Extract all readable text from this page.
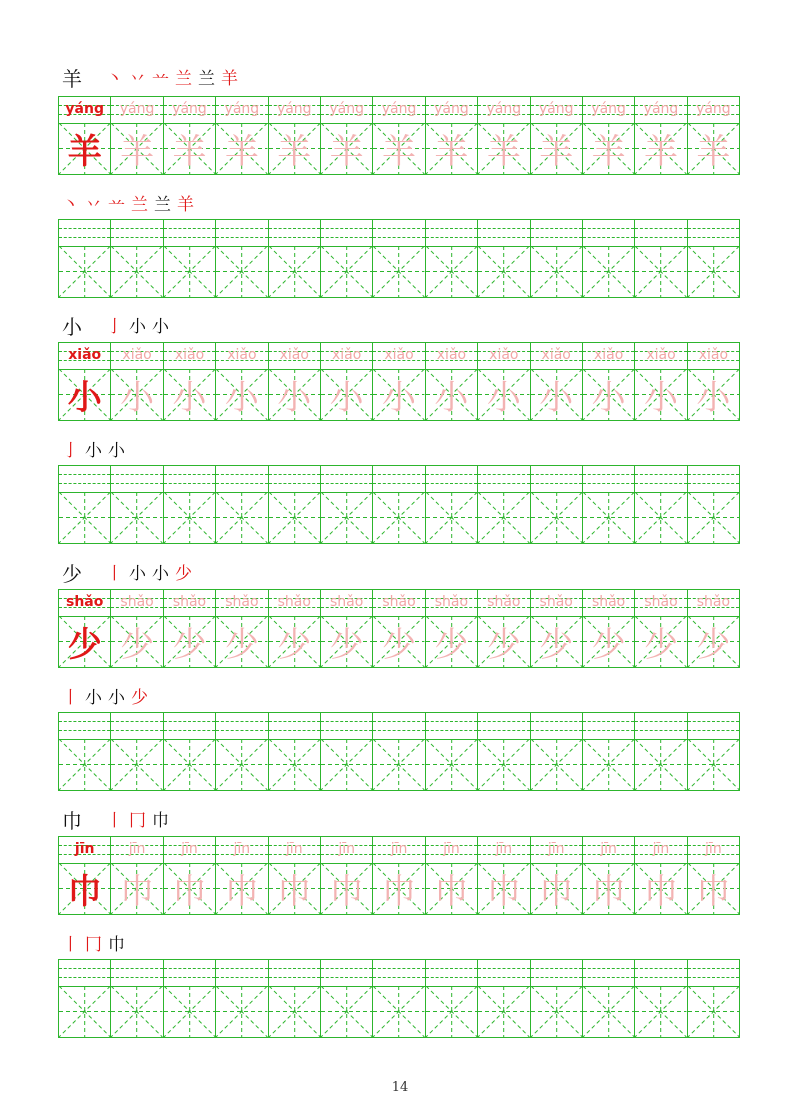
羊 丶 丷 䒑 兰 兰 羊
yáng
羊
yáng
羊
yáng
羊
yáng
羊
yáng
羊
yáng
羊
yáng
羊
yáng
羊
yáng
羊
yáng
羊
yáng
羊
yáng
羊
yáng
羊
丶 丷 䒑 兰 兰 羊
小 亅 小 小
xiǎo
小
xiǎo
小
xiǎo
小
xiǎo
小
xiǎo
小
xiǎo
小
xiǎo
小
xiǎo
小
xiǎo
小
xiǎo
小
xiǎo
小
xiǎo
小
xiǎo
小
亅 小 小
少 丨 小 小 少
shǎo
少
shǎo
少
shǎo
少
shǎo
少
shǎo
少
shǎo
少
shǎo
少
shǎo
少
shǎo
少
shǎo
少
shǎo
少
shǎo
少
shǎo
少
丨 小 小 少
巾 丨 冂 巾
jīn
巾
jīn
巾
jīn
巾
jīn
巾
jīn
巾
jīn
巾
jīn
巾
jīn
巾
jīn
巾
jīn
巾
jīn
巾
jīn
巾
jīn
巾
丨 冂 巾
14
